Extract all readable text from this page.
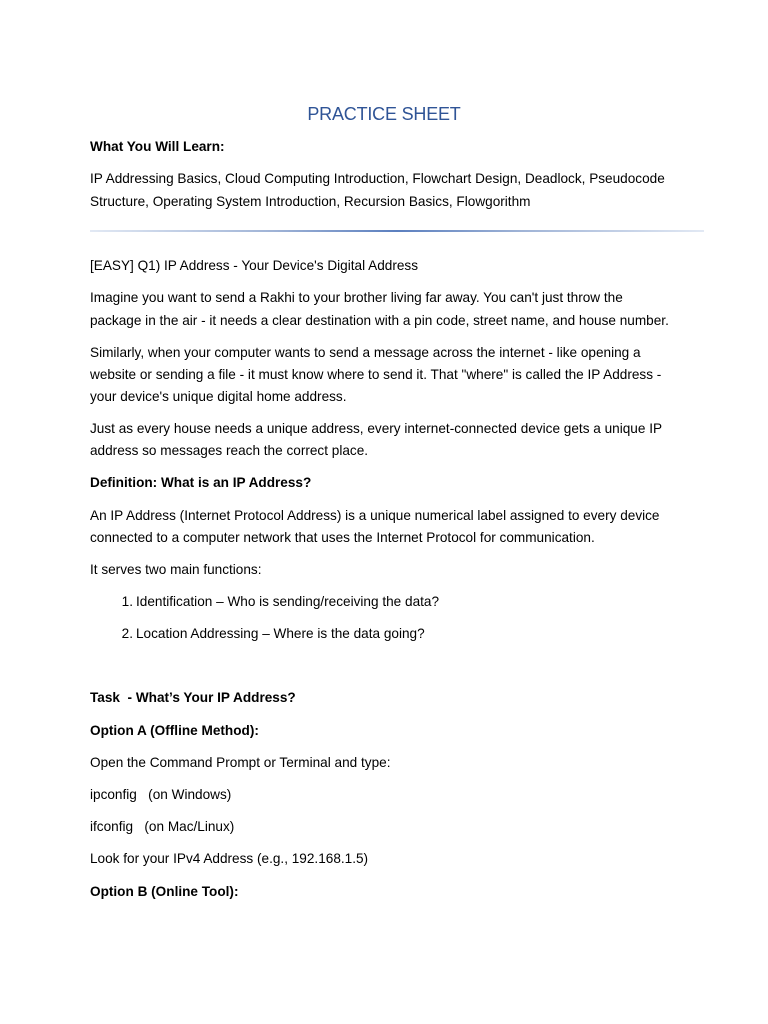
PRACTICE SHEET

What You Will Learn:

IP Addressing Basics, Cloud Computing Introduction, Flowchart Design, Deadlock, Pseudocode

Structure, Operating System Introduction, Recursion Basics, Flowgorithm

[EASY] Q1) IP Address - Your Device's Digital Address

Imagine you want to send a Rakhi to your brother living far away. You can't just throw the

package in the air - it needs a clear destination with a pin code, street name, and house number.

Similarly, when your computer wants to send a message across the internet - like opening a

website or sending a file - it must know where to send it. That "where" is called the IP Address -

your device's unique digital home address.

Just as every house needs a unique address, every internet-connected device gets a unique IP

address so messages reach the correct place.

Definition: What is an IP Address?

An IP Address (Internet Protocol Address) is a unique numerical label assigned to every device

connected to a computer network that uses the Internet Protocol for communication.

It serves two main functions:

1. Identification – Who is sending/receiving the data?
2. Location Addressing – Where is the data going?

Task  - What’s Your IP Address?

Option A (Offline Method):

Open the Command Prompt or Terminal and type:

ipconfig   (on Windows)

ifconfig   (on Mac/Linux)

Look for your IPv4 Address (e.g., 192.168.1.5)

Option B (Online Tool):
